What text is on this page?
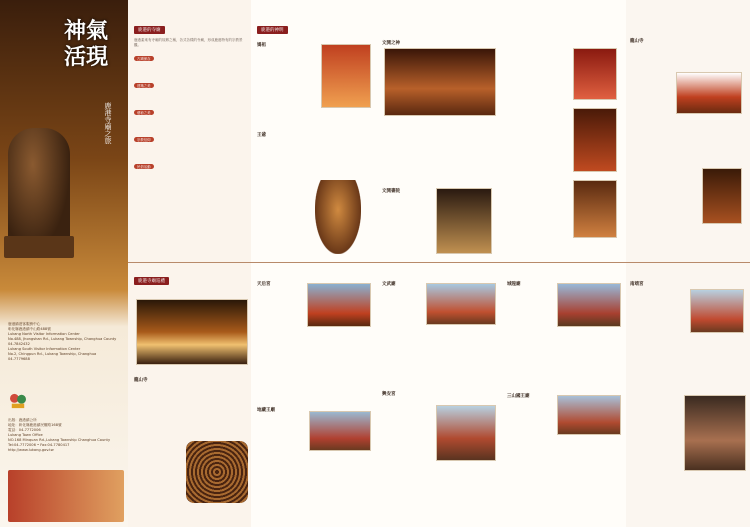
神氣活現
鹿港寺廟之旅
鹿港鎮遊客服務中心
彰化縣鹿港鎮中山路488號
Lukang North Visitor Information Center
No.488, Jhongshan Rd., Lukang Township, Changhua County
04-7842432
Lukang South Visitor Information Center
No.2, Chingpun Rd., Lukang Township, Changhua
04-7779688
出版：鹿港鎮公所
地址：彰化縣鹿港鎮民權路168號
電話：04-7772006
Lukang Town Office
NO.168 Minquan Rd.,Lukang Township Changhua County
Tel:04-7772006 • Fax:04-7780417
http://www.lukang.gov.tw
鹿港的寺廟
鹿港素來有寺廟的故鄉之稱，各式各樣的寺廟，形成鹿港特有的宗教景觀。
古蹟保存
建築之美
藝術之美
宗教信仰
民俗活動
鹿港的神明
媽祖
王爺
文開之神
文開書院
龍山寺
鹿港寺廟巡禮
龍山寺
天后宮
地藏王廟
文武廟
興安宮
城隍廟
三山國王廟
南靖宮
